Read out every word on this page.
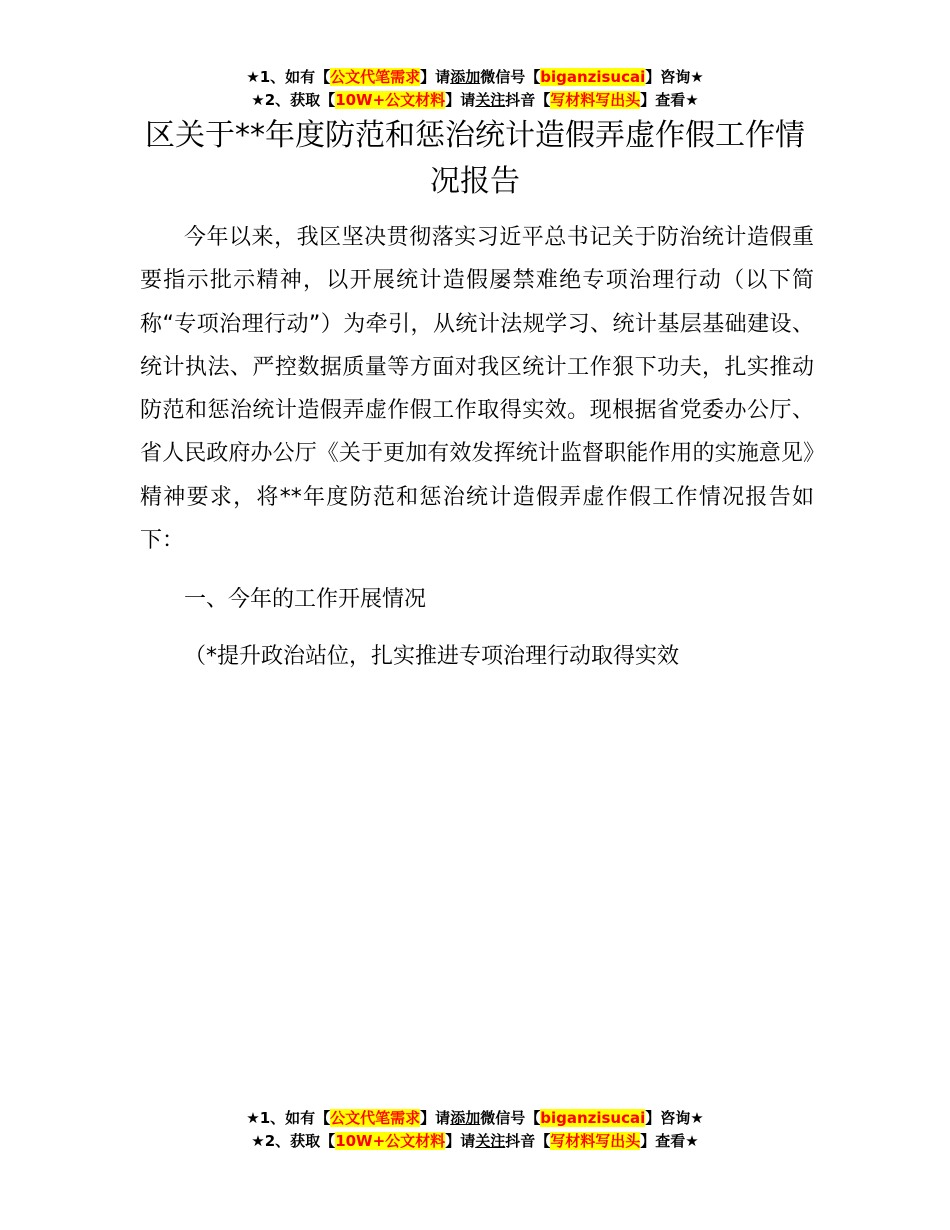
★1、如有【公文代笔需求】请添加微信号【biganzisucai】咨询★
★2、获取【10W+公文材料】请关注抖音【写材料写出头】查看★
区关于**年度防范和惩治统计造假弄虚作假工作情况报告

今年以来，我区坚决贯彻落实习近平总书记关于防治统计造假重要指示批示精神，以开展统计造假屡禁难绝专项治理行动（以下简称“专项治理行动”）为牵引，从统计法规学习、统计基层基础建设、统计执法、严控数据质量等方面对我区统计工作狠下功夫，扎实推动防范和惩治统计造假弄虚作假工作取得实效。现根据省党委办公厅、省人民政府办公厅《关于更加有效发挥统计监督职能作用的实施意见》精神要求，将**年度防范和惩治统计造假弄虚作假工作情况报告如下：

一、今年的工作开展情况

（*提升政治站位，扎实推进专项治理行动取得实效

★1、如有【公文代笔需求】请添加微信号【biganzisucai】咨询★
★2、获取【10W+公文材料】请关注抖音【写材料写出头】查看★
